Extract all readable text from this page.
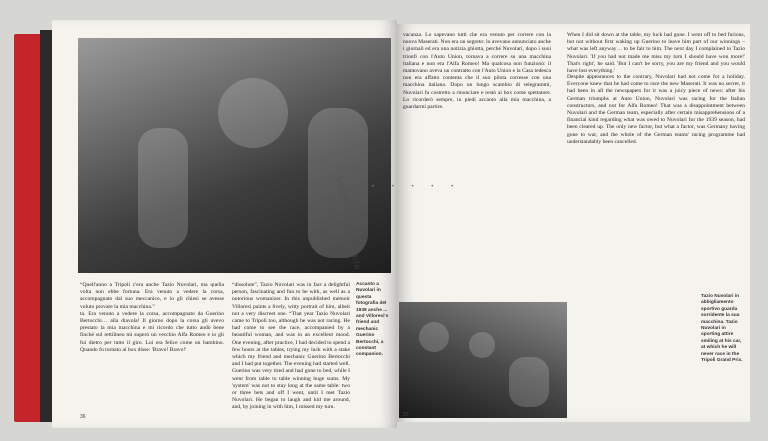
“Quell'anno a Tripoli c'era anche Tazio Nuvolari, ma quella volta non ebbe fortuna. Era venuto a vedere la corsa, accompagnato dal suo meccanico, e io gli chiesi se avesse voluto provare la mia macchina.”

ta. Era venuto a vedere la corsa, accompagnato da Guerino Bertocchi… alla diavola! Il giorno dopo la corsa gli avevo prestato la mia macchina e mi ricordo che tutto andò bene finché sul rettilineo mi superò un vecchio Alfa Romeo e io gli fui dietro per tutto il giro. Lui era felice come un bambino. Quando fu tornato ai box disse: 'Bravo! Bravo!'

“dissolute”, Tazio Nuvolari was in fact a delightful person, fascinating and fun to be with, as well as a notorious womanizer. In this unpublished memoir Villoresi paints a lively, witty portrait of him, albeit not a very discreet one. “That year Tazio Nuvolari came to Tripoli too, although he was not racing. He had come to see the race, accompanied by a beautiful woman, and was in an excellent mood. One evening, after practice, I had decided to spend a few hours at the tables, trying my luck with a stake which my friend and mechanic Guerino Bertocchi and I had put together. The evening had started well. Guerino was very tired and had gone to bed, while I went from table to table winning huge sums. My 'system' was not to stay long at the same table: two or three bets and off I went, until I met Tazio Nuvolari. He began to laugh and kid me around, and, by joining in with him, I missed my turn.

Accanto a Nuvolari in questa fotografia del 1938 anche ... and Villoresi's friend and mechanic Guerino Bertocchi, a constant companion.
36
vacanza. Lo sapevano tutti che era venuto per correre con la nuova Maserati. Non era un segreto: lo avevano annunciato anche i giornali ed era una notizia ghiotta, perché Nuvolari, dopo i suoi trionfi con l'Auto Union, tornava a correre su una macchina italiana e non era l'Alfa Romeo! Ma qualcosa non funzionò: il mantovano aveva un contratto con l'Auto Union e la Casa tedesca non era affatto contenta che il suo pilota corresse con una macchina italiana. Dopo un lungo scambio di telegrammi, Nuvolari fu costretto a rinunciare e restò ai box come spettatore. Lo ricorderò sempre, in piedi accanto alla mia macchina, a guardarmi partire.
When I did sit down at the table, my luck had gone. I went off to bed furious, but not without first waking up Guerino to leave him part of our winnings – what was left anyway… to be fair to him. The next day I complained to Tazio Nuvolari. 'If you had not made me miss my turn I should have won more!' That's right', he said. 'But I can't be sorry, you are my friend and you would have lost everything.'
Despite appearances to the contrary, Nuvolari had not come for a holiday. Everyone knew that he had come to race the new Maserati. It was no secret, it had been in all the newspapers for it was a juicy piece of news: after his German triumphs at Auto Union, Nuvolari was racing for the Italian constructors, and not for Alfa Romeo! That was a disappointment between Nuvolari and the German team, especially after certain misapprehensions of a financial kind regarding what was owed to Nuvolari for the 1939 season, had been cleared up. The only new factor, but what a factor, was Germany having gone to war, and the whole of the German teams' racing programme had understandably been cancelled.
Tazio Nuvolari in abbigliamento sportivo guarda sorridente la sua macchina. Tazio Nuvolari in sporting attire smiling at his car, at which he will never race in the Tripoli Grand Prix.
37
© Libreria Automobile • • • • •
